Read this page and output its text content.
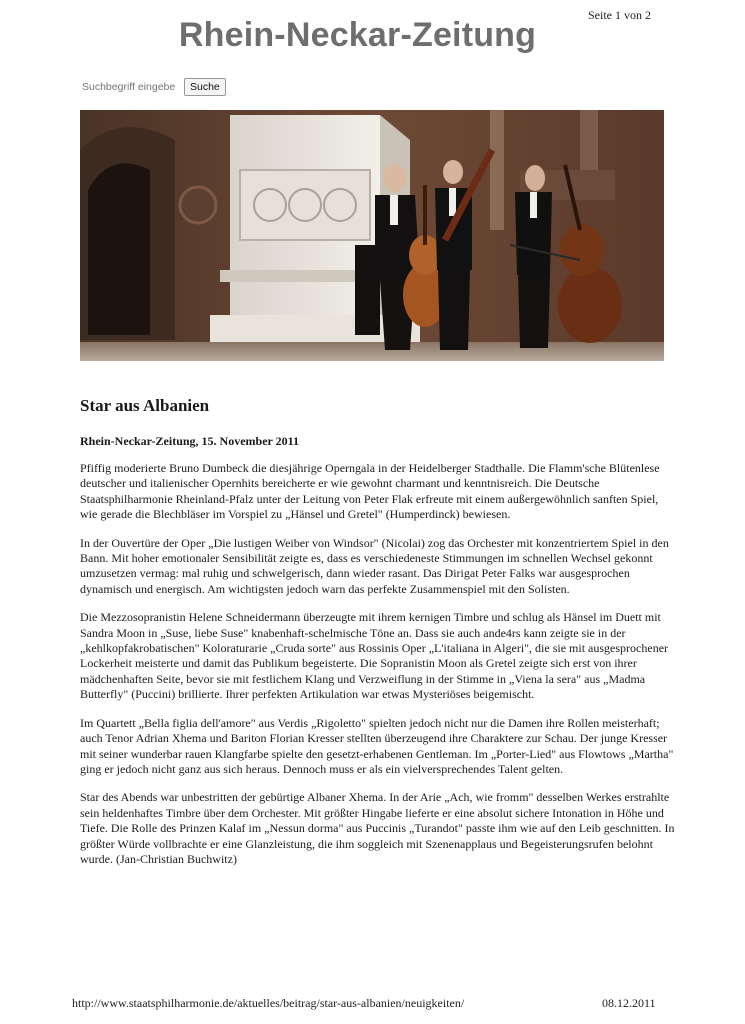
Seite 1 von 2
Rhein-Neckar-Zeitung
Suchbegriff eingebe
Suche
Star aus Albanien
Rhein-Neckar-Zeitung, 15. November 2011

Pfiffig moderierte Bruno Dumbeck die diesjährige Operngala in der Heidelberger Stadthalle. Die Flamm'sche Blütenlese deutscher und italienischer Opernhits bereicherte er wie gewohnt charmant und kenntnisreich. Die Deutsche Staatsphilharmonie Rheinland-Pfalz unter der Leitung von Peter Flak erfreute mit einem außergewöhnlich sanften Spiel, wie gerade die Blechbläser im Vorspiel zu „Hänsel und Gretel" (Humperdinck) bewiesen.

In der Ouvertüre der Oper „Die lustigen Weiber von Windsor" (Nicolai) zog das Orchester mit konzentriertem Spiel in den Bann. Mit hoher emotionaler Sensibilität zeigte es, dass es verschiedeneste Stimmungen im schnellen Wechsel gekonnt umzusetzen vermag: mal ruhig und schwelgerisch, dann wieder rasant. Das Dirigat Peter Falks war ausgesprochen dynamisch und energisch. Am wichtigsten jedoch warn das perfekte Zusammenspiel mit den Solisten.

Die Mezzosopranistin Helene Schneidermann überzeugte mit ihrem kernigen Timbre und schlug als Hänsel im Duett mit Sandra Moon in „Suse, liebe Suse" knabenhaft-schelmische Töne an. Dass sie auch ande4rs kann zeigte sie in der „kehlkopfakrobatischen" Koloraturarie „Cruda sorte" aus Rossinis Oper „L'italiana in Algeri", die sie mit ausgesprochener Lockerheit meisterte und damit das Publikum begeisterte. Die Sopranistin Moon als Gretel zeigte sich erst von ihrer mädchenhaften Seite, bevor sie mit festlichem Klang und Verzweiflung in der Stimme in „Viena la sera" aus „Madma Butterfly" (Puccini) brillierte. Ihrer perfekten Artikulation war etwas Mysteriöses beigemischt.

Im Quartett „Bella figlia dell'amore" aus Verdis „Rigoletto" spielten jedoch nicht nur die Damen ihre Rollen meisterhaft; auch Tenor Adrian Xhema und Bariton Florian Kresser stellten überzeugend ihre Charaktere zur Schau. Der junge Kresser mit seiner wunderbar rauen Klangfarbe spielte den gesetzt-erhabenen Gentleman. Im „Porter-Lied" aus Flowtows „Martha" ging er jedoch nicht ganz aus sich heraus. Dennoch muss er als ein vielversprechendes Talent gelten.

Star des Abends war unbestritten der gebürtige Albaner Xhema. In der Arie „Ach, wie fromm" desselben Werkes erstrahlte sein heldenhaftes Timbre über dem Orchester. Mit größter Hingabe lieferte er eine absolut sichere Intonation in Höhe und Tiefe. Die Rolle des Prinzen Kalaf im „Nessun dorma" aus Puccinis „Turandot" passte ihm wie auf den Leib geschnitten. In größter Würde vollbrachte er eine Glanzleistung, die ihm soggleich mit Szenenapplaus und Begeisterungsrufen belohnt wurde. (Jan-Christian Buchwitz)

http://www.staatsphilharmonie.de/aktuelles/beitrag/star-aus-albanien/neuigkeiten/	08.12.2011
